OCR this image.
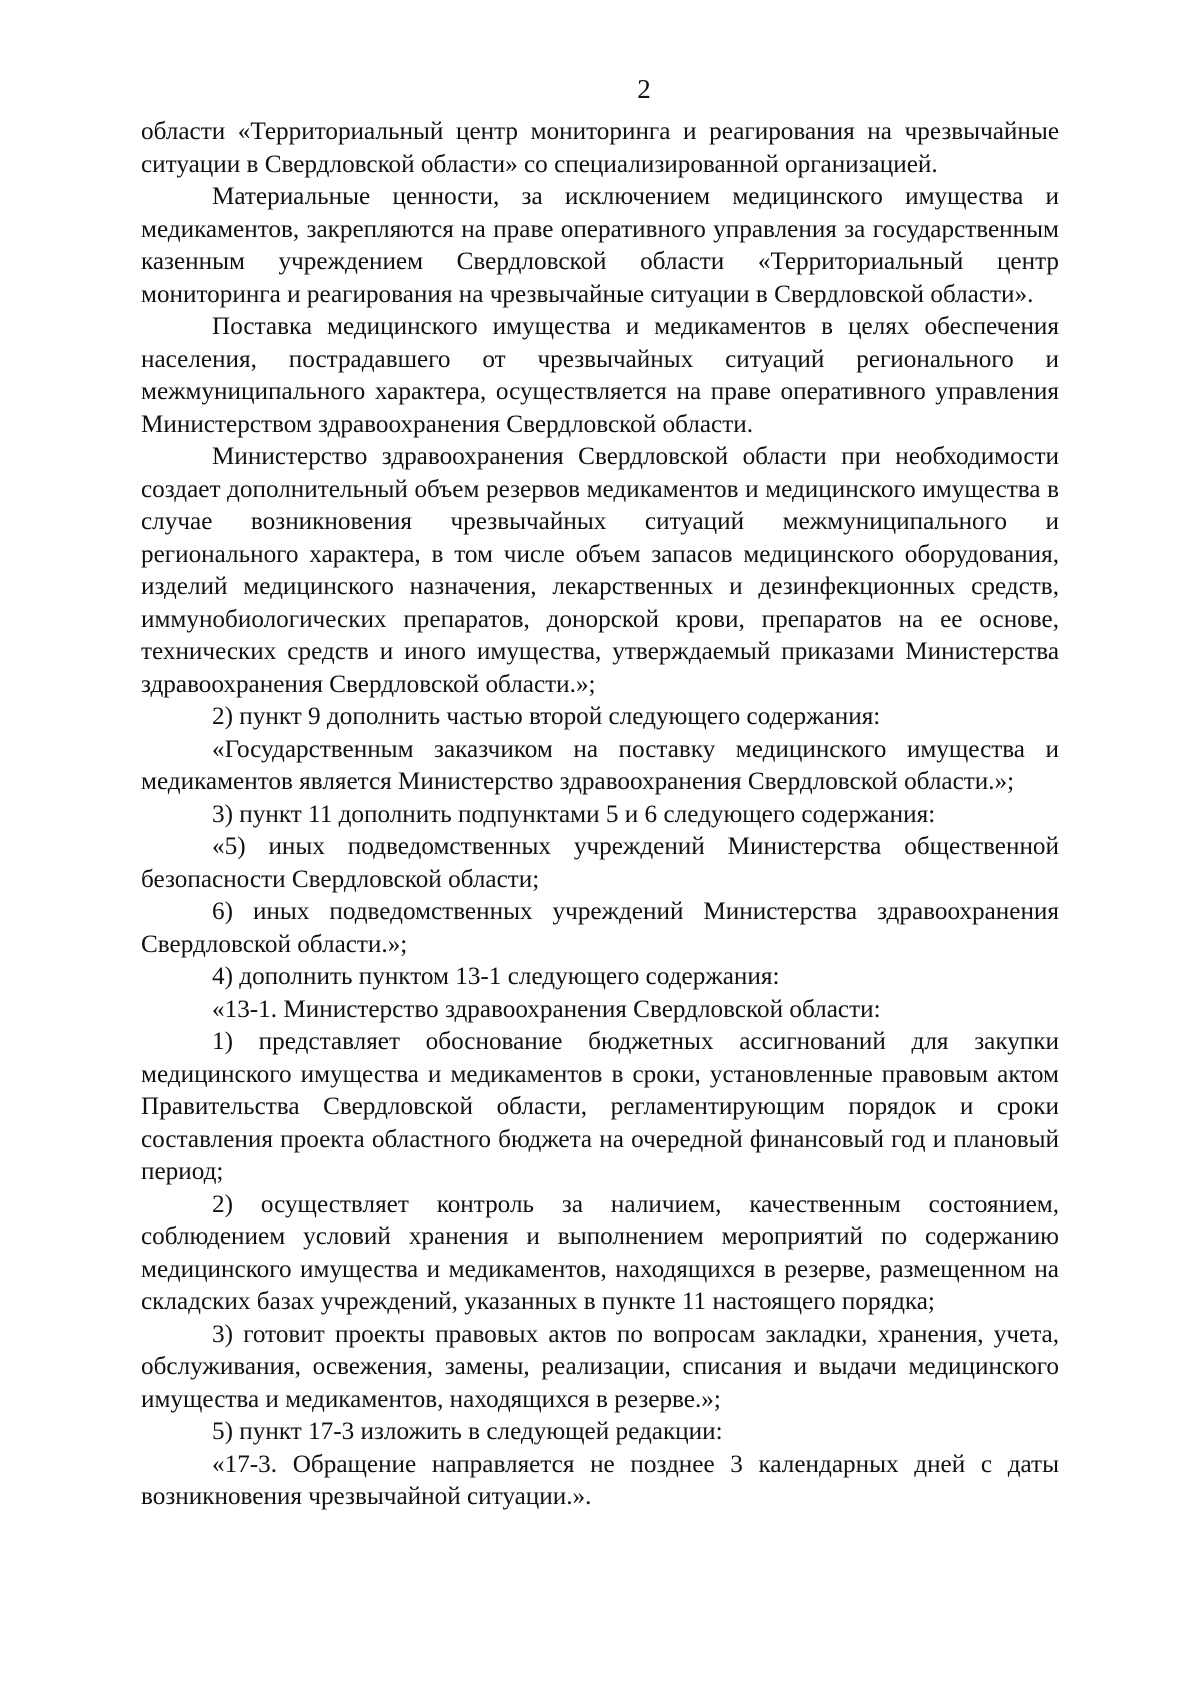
2

области «Территориальный центр мониторинга и реагирования на чрезвычайные ситуации в Свердловской области» со специализированной организацией.

Материальные ценности, за исключением медицинского имущества и медикаментов, закрепляются на праве оперативного управления за государственным казенным учреждением Свердловской области «Территориальный центр мониторинга и реагирования на чрезвычайные ситуации в Свердловской области».

Поставка медицинского имущества и медикаментов в целях обеспечения населения, пострадавшего от чрезвычайных ситуаций регионального и межмуниципального характера, осуществляется на праве оперативного управления Министерством здравоохранения Свердловской области.

Министерство здравоохранения Свердловской области при необходимости создает дополнительный объем резервов медикаментов и медицинского имущества в случае возникновения чрезвычайных ситуаций межмуниципального и регионального характера, в том числе объем запасов медицинского оборудования, изделий медицинского назначения, лекарственных и дезинфекционных средств, иммунобиологических препаратов, донорской крови, препаратов на ее основе, технических средств и иного имущества, утверждаемый приказами Министерства здравоохранения Свердловской области.»;

2) пункт 9 дополнить частью второй следующего содержания:

«Государственным заказчиком на поставку медицинского имущества и медикаментов является Министерство здравоохранения Свердловской области.»;

3) пункт 11 дополнить подпунктами 5 и 6 следующего содержания:

«5) иных подведомственных учреждений Министерства общественной безопасности Свердловской области;

6) иных подведомственных учреждений Министерства здравоохранения Свердловской области.»;

4) дополнить пунктом 13-1 следующего содержания:

«13-1. Министерство здравоохранения Свердловской области:

1) представляет обоснование бюджетных ассигнований для закупки медицинского имущества и медикаментов в сроки, установленные правовым актом Правительства Свердловской области, регламентирующим порядок и сроки составления проекта областного бюджета на очередной финансовый год и плановый период;

2) осуществляет контроль за наличием, качественным состоянием, соблюдением условий хранения и выполнением мероприятий по содержанию медицинского имущества и медикаментов, находящихся в резерве, размещенном на складских базах учреждений, указанных в пункте 11 настоящего порядка;

3) готовит проекты правовых актов по вопросам закладки, хранения, учета, обслуживания, освежения, замены, реализации, списания и выдачи медицинского имущества и медикаментов, находящихся в резерве.»;

5) пункт 17-3 изложить в следующей редакции:

«17-3. Обращение направляется не позднее 3 календарных дней с даты возникновения чрезвычайной ситуации.».
